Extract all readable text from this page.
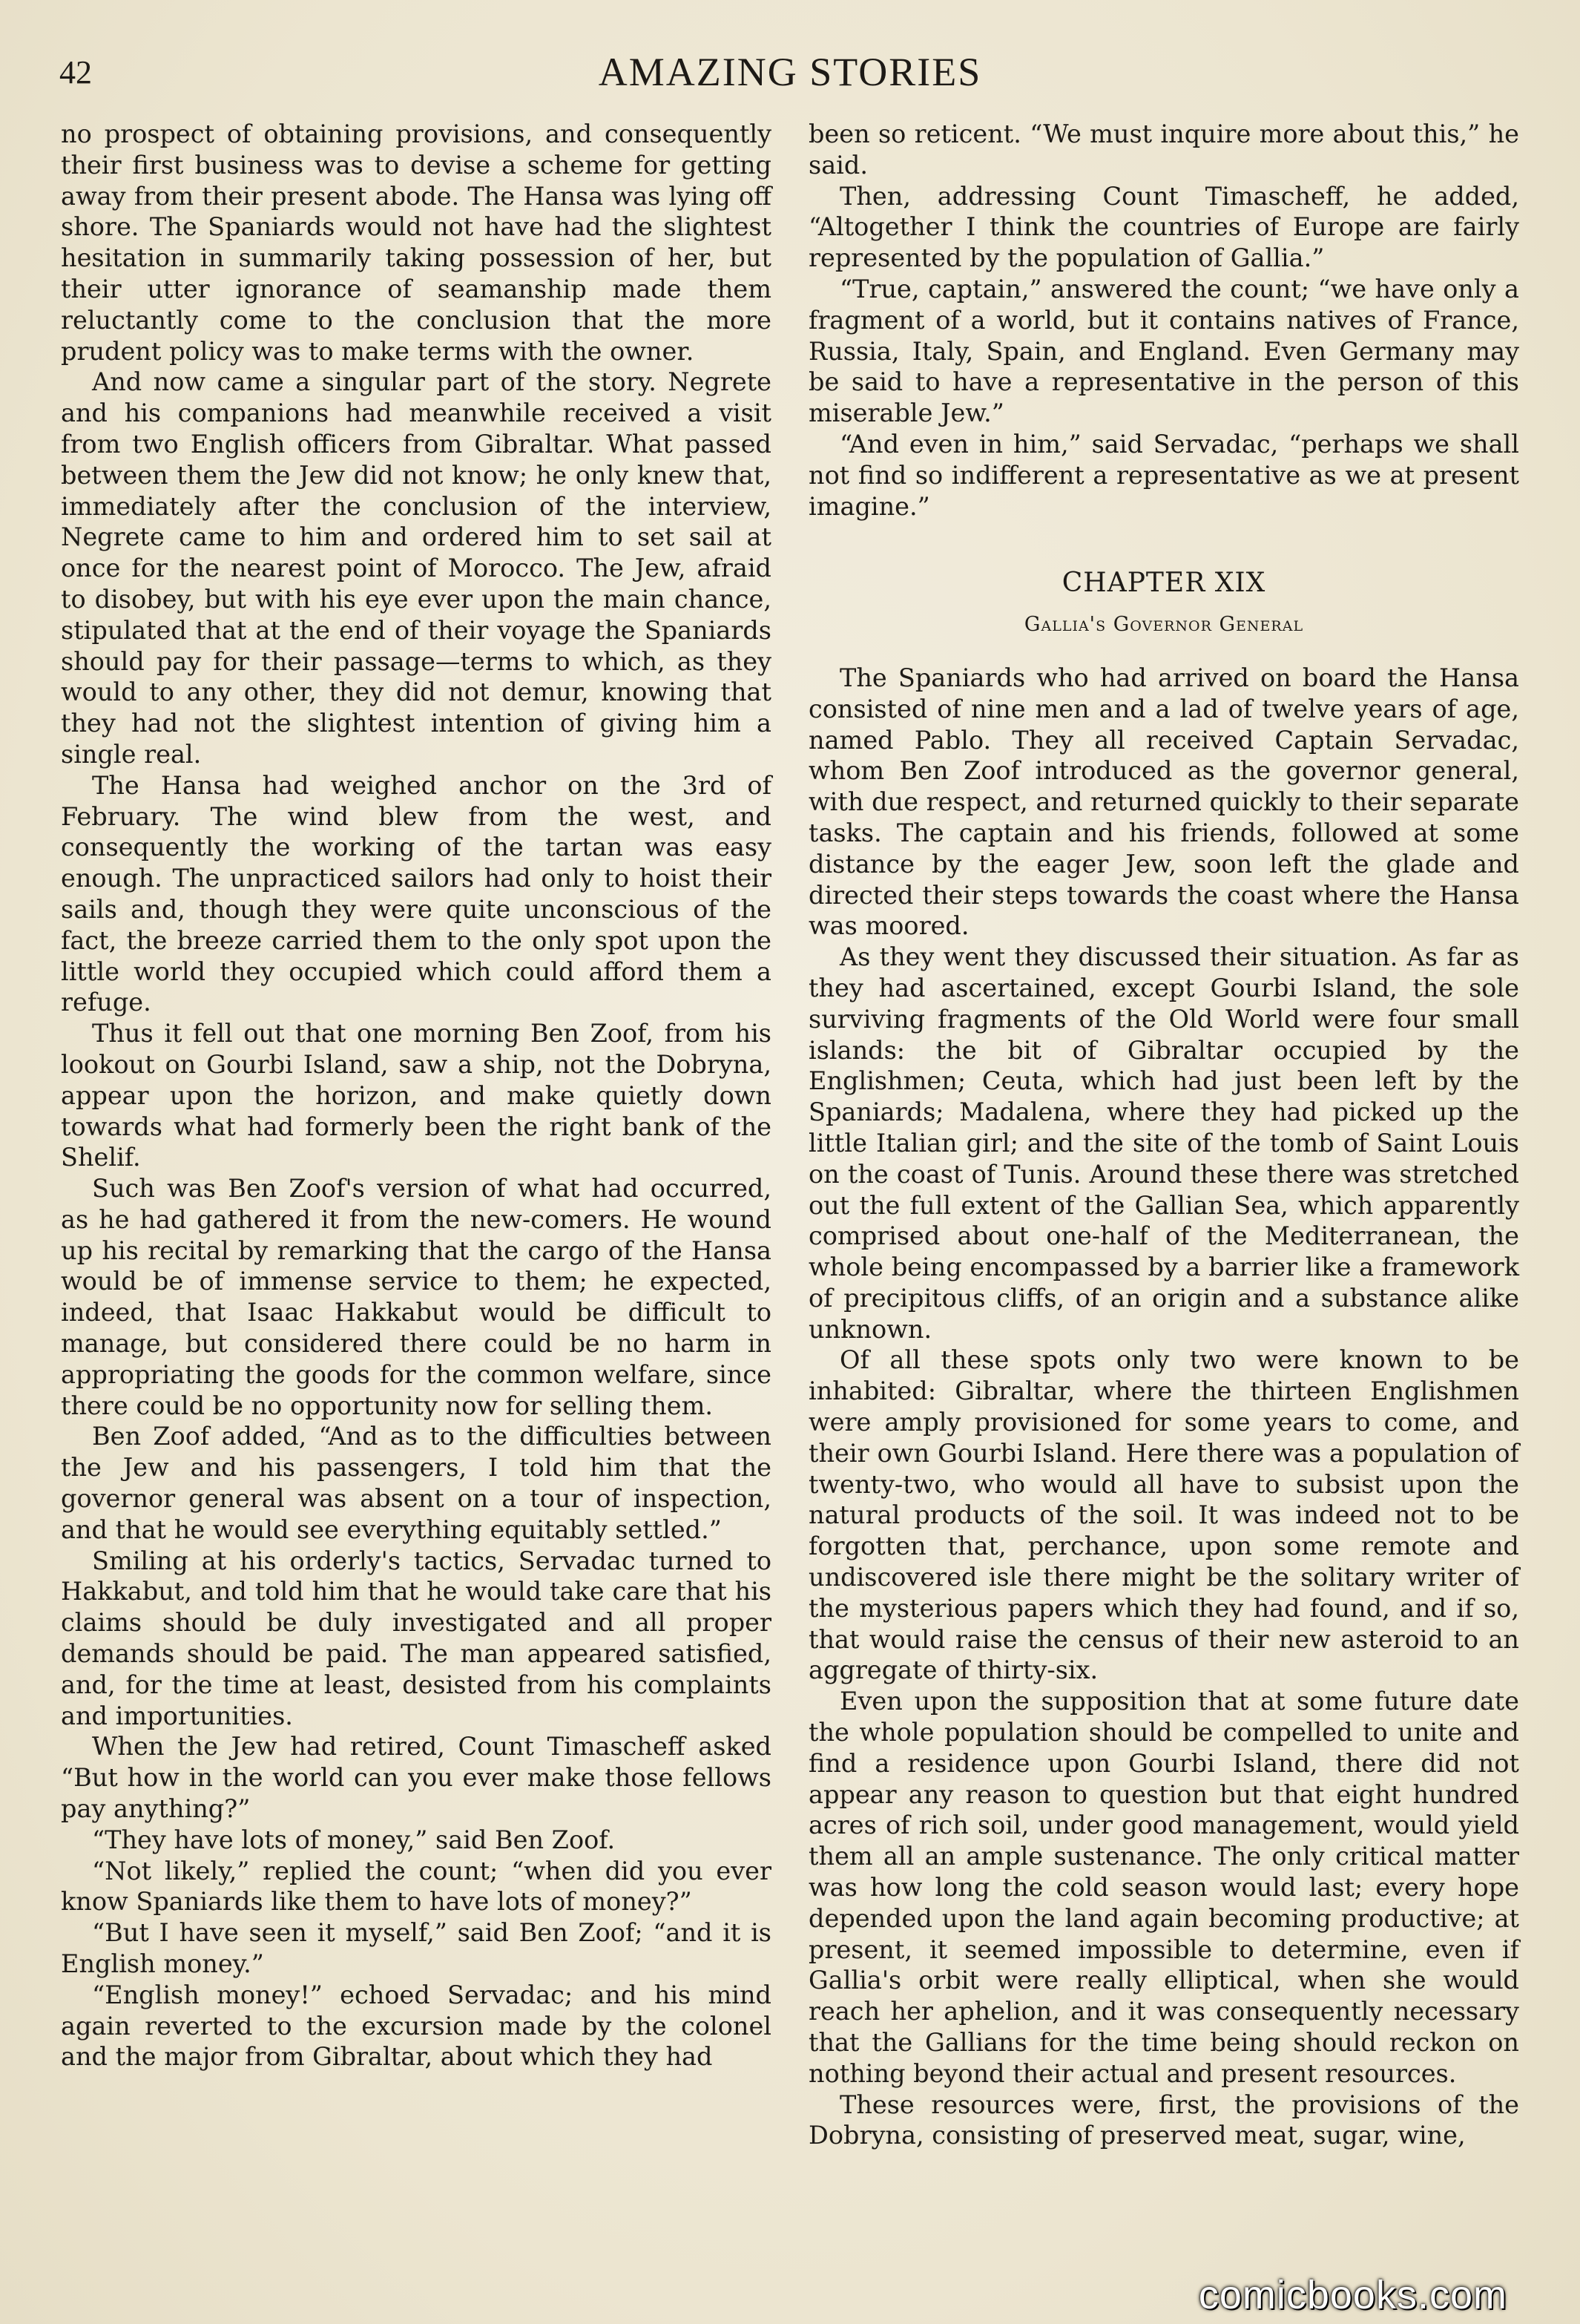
42	AMAZING STORIES

no prospect of obtaining provisions, and consequently their first business was to devise a scheme for getting away from their present abode. The Hansa was lying off shore. The Spaniards would not have had the slightest hesitation in summarily taking possession of her, but their utter ignorance of seamanship made them reluctantly come to the conclusion that the more prudent policy was to make terms with the owner.

And now came a singular part of the story. Negrete and his companions had meanwhile received a visit from two English officers from Gibraltar. What passed between them the Jew did not know; he only knew that, immediately after the conclusion of the interview, Negrete came to him and ordered him to set sail at once for the nearest point of Morocco. The Jew, afraid to disobey, but with his eye ever upon the main chance, stipulated that at the end of their voyage the Spaniards should pay for their passage—terms to which, as they would to any other, they did not demur, knowing that they had not the slightest intention of giving him a single real.

The Hansa had weighed anchor on the 3rd of February. The wind blew from the west, and consequently the working of the tartan was easy enough. The unpracticed sailors had only to hoist their sails and, though they were quite unconscious of the fact, the breeze carried them to the only spot upon the little world they occupied which could afford them a refuge.

Thus it fell out that one morning Ben Zoof, from his lookout on Gourbi Island, saw a ship, not the Dobryna, appear upon the horizon, and make quietly down towards what had formerly been the right bank of the Shelif.

Such was Ben Zoof's version of what had occurred, as he had gathered it from the new-comers. He wound up his recital by remarking that the cargo of the Hansa would be of immense service to them; he expected, indeed, that Isaac Hakkabut would be difficult to manage, but considered there could be no harm in appropriating the goods for the common welfare, since there could be no opportunity now for selling them.

Ben Zoof added, “And as to the difficulties between the Jew and his passengers, I told him that the governor general was absent on a tour of inspection, and that he would see everything equitably settled.”

Smiling at his orderly's tactics, Servadac turned to Hakkabut, and told him that he would take care that his claims should be duly investigated and all proper demands should be paid. The man appeared satisfied, and, for the time at least, desisted from his complaints and importunities.

When the Jew had retired, Count Timascheff asked “But how in the world can you ever make those fellows pay anything?”

“They have lots of money,” said Ben Zoof.

“Not likely,” replied the count; “when did you ever know Spaniards like them to have lots of money?”

“But I have seen it myself,” said Ben Zoof; “and it is English money.”

“English money!” echoed Servadac; and his mind again reverted to the excursion made by the colonel and the major from Gibraltar, about which they had

been so reticent. “We must inquire more about this,” he said.

Then, addressing Count Timascheff, he added, “Altogether I think the countries of Europe are fairly represented by the population of Gallia.”

“True, captain,” answered the count; “we have only a fragment of a world, but it contains natives of France, Russia, Italy, Spain, and England. Even Germany may be said to have a representative in the person of this miserable Jew.”

“And even in him,” said Servadac, “perhaps we shall not find so indifferent a representative as we at present imagine.”

CHAPTER XIX
Gallia's Governor General

The Spaniards who had arrived on board the Hansa consisted of nine men and a lad of twelve years of age, named Pablo. They all received Captain Servadac, whom Ben Zoof introduced as the governor general, with due respect, and returned quickly to their separate tasks. The captain and his friends, followed at some distance by the eager Jew, soon left the glade and directed their steps towards the coast where the Hansa was moored.

As they went they discussed their situation. As far as they had ascertained, except Gourbi Island, the sole surviving fragments of the Old World were four small islands: the bit of Gibraltar occupied by the Englishmen; Ceuta, which had just been left by the Spaniards; Madalena, where they had picked up the little Italian girl; and the site of the tomb of Saint Louis on the coast of Tunis. Around these there was stretched out the full extent of the Gallian Sea, which apparently comprised about one-half of the Mediterranean, the whole being encompassed by a barrier like a framework of precipitous cliffs, of an origin and a substance alike unknown.

Of all these spots only two were known to be inhabited: Gibraltar, where the thirteen Englishmen were amply provisioned for some years to come, and their own Gourbi Island. Here there was a population of twenty-two, who would all have to subsist upon the natural products of the soil. It was indeed not to be forgotten that, perchance, upon some remote and undiscovered isle there might be the solitary writer of the mysterious papers which they had found, and if so, that would raise the census of their new asteroid to an aggregate of thirty-six.

Even upon the supposition that at some future date the whole population should be compelled to unite and find a residence upon Gourbi Island, there did not appear any reason to question but that eight hundred acres of rich soil, under good management, would yield them all an ample sustenance. The only critical matter was how long the cold season would last; every hope depended upon the land again becoming productive; at present, it seemed impossible to determine, even if Gallia's orbit were really elliptical, when she would reach her aphelion, and it was consequently necessary that the Gallians for the time being should reckon on nothing beyond their actual and present resources.

These resources were, first, the provisions of the Dobryna, consisting of preserved meat, sugar, wine,

comicbooks.com
